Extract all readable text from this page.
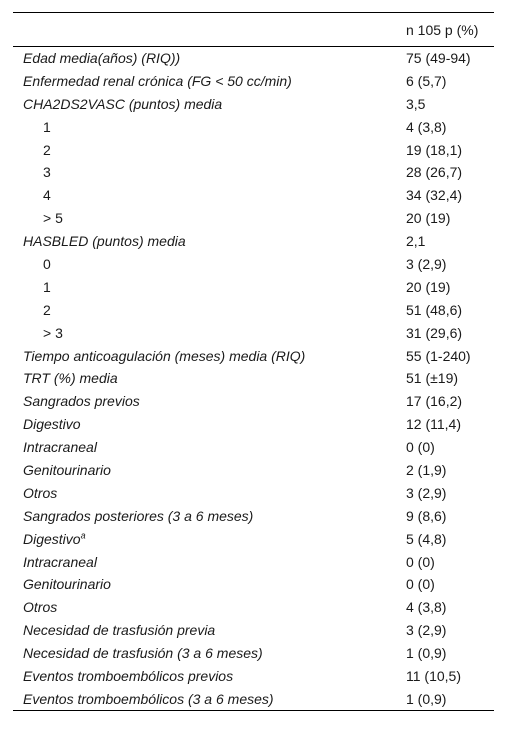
	n 105 p (%)
Edad media(años) (RIQ))	75 (49-94)
Enfermedad renal crónica (FG < 50 cc/min)	6 (5,7)
CHA2DS2VASC (puntos) media	3,5
1	4 (3,8)
2	19 (18,1)
3	28 (26,7)
4	34 (32,4)
> 5	20 (19)
HASBLED (puntos) media	2,1
0	3 (2,9)
1	20 (19)
2	51 (48,6)
> 3	31 (29,6)
Tiempo anticoagulación (meses) media (RIQ)	55 (1-240)
TRT (%) media	51 (±19)
Sangrados previos	17 (16,2)
Digestivo	12 (11,4)
Intracraneal	0 (0)
Genitourinario	2 (1,9)
Otros	3 (2,9)
Sangrados posteriores (3 a 6 meses)	9 (8,6)
Digestivo$^a$	5 (4,8)
Intracraneal	0 (0)
Genitourinario	0 (0)
Otros	4 (3,8)
Necesidad de trasfusión previa	3 (2,9)
Necesidad de trasfusión (3 a 6 meses)	1 (0,9)
Eventos tromboembólicos previos	11 (10,5)
Eventos tromboembólicos (3 a 6 meses)	1 (0,9)
